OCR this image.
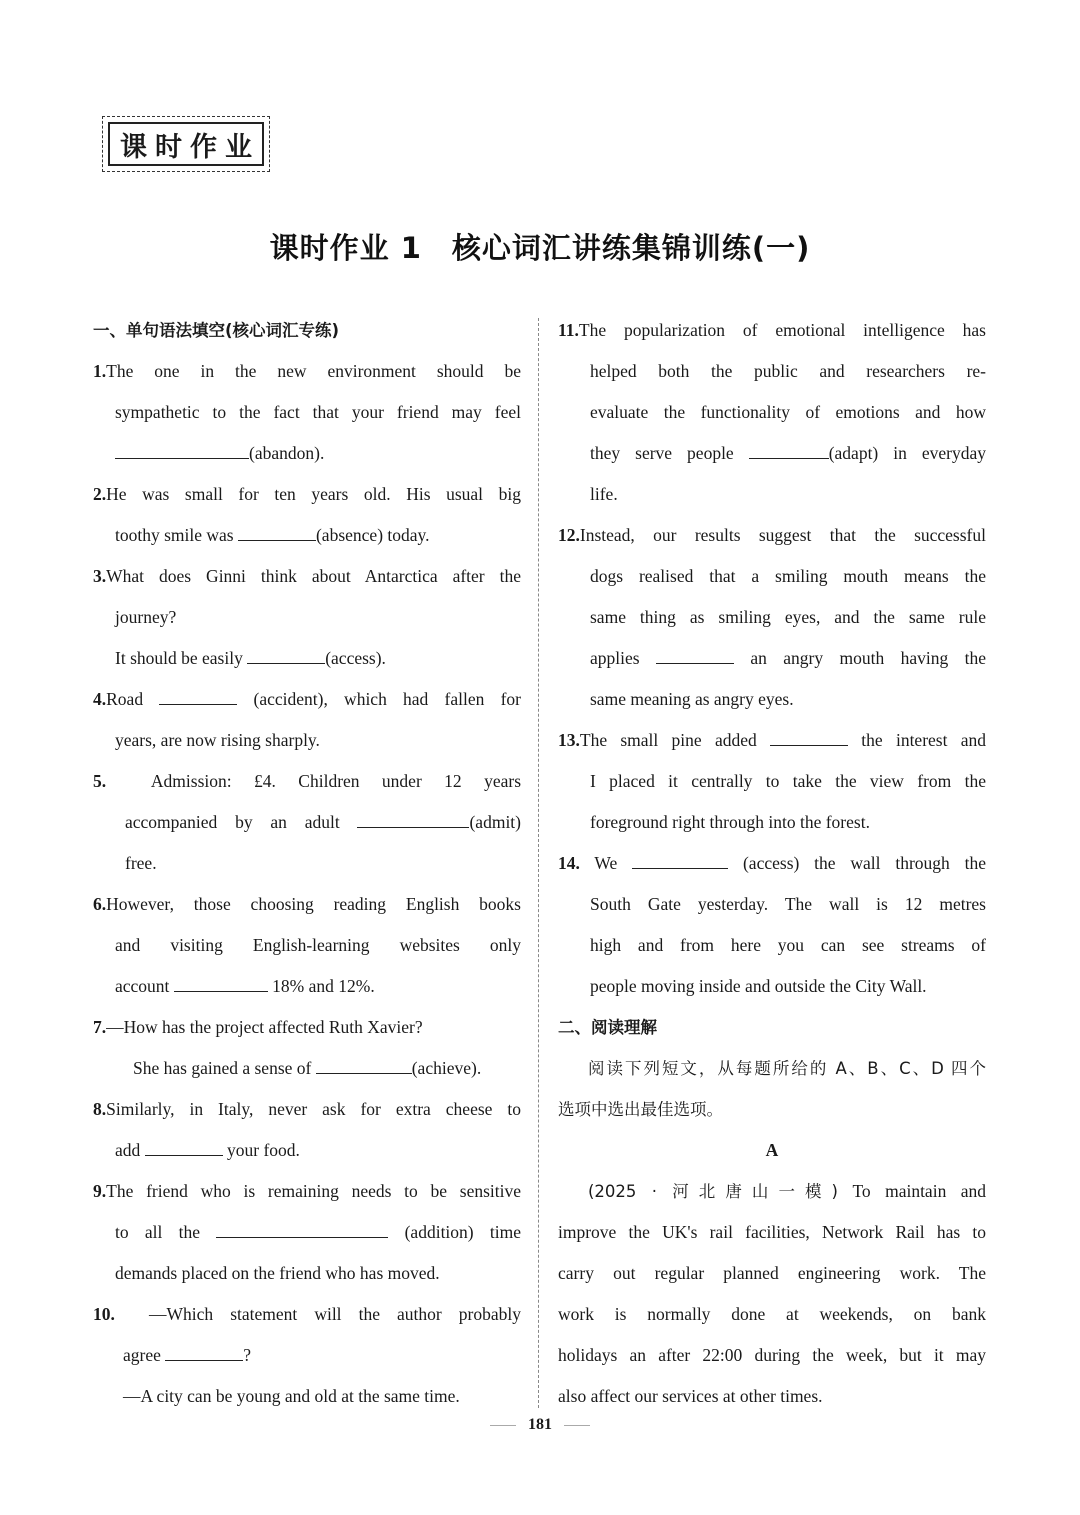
课时作业
课时作业 1　核心词汇讲练集锦训练(一)
一、单句语法填空(核心词汇专练)
1.The one in the new environment should be
sympathetic to the fact that your friend may feel
(abandon).
2.He was small for ten years old. His usual big
toothy smile was	(absence) today.
3.What does Ginni think about Antarctica after the
journey?
It should be easily	(access).
4.Road	(accident), which had fallen for
years, are now rising sharply.
5.	Admission: £4. Children under 12 years
accompanied by an adult	(admit)
free.
6.However, those choosing reading English books
and visiting English-learning websites only
account	18% and 12%.
7.—How has the project affected Ruth Xavier?
She has gained a sense of	(achieve).
8.Similarly, in Italy, never ask for extra cheese to
add	your food.
9.The friend who is remaining needs to be sensitive
to all the	(addition) time
demands placed on the friend who has moved.
10. —Which statement will the author probably
agree	?
—A city can be young and old at the same time.
11.The popularization of emotional intelligence has
helped both the public and researchers re-
evaluate the functionality of emotions and how
they serve people	(adapt) in everyday
life.
12.Instead, our results suggest that the successful
dogs realised that a smiling mouth means the
same thing as smiling eyes, and the same rule
applies	an angry mouth having the
same meaning as angry eyes.
13.The small pine added	the interest and
I placed it centrally to take the view from the
foreground right through into the forest.
14. We	(access) the wall through the
South Gate yesterday. The wall is 12 metres
high and from here you can see streams of
people moving inside and outside the City Wall.
二、阅读理解
阅读下列短文，从每题所给的 A、B、C、D 四个
选项中选出最佳选项。
A
(2025 · 河北唐山一模) To maintain and
improve the UK's rail facilities, Network Rail has to
carry out regular planned engineering work. The
work is normally done at weekends, on bank
holidays an after 22:00 during the week, but it may
also affect our services at other times.
181
